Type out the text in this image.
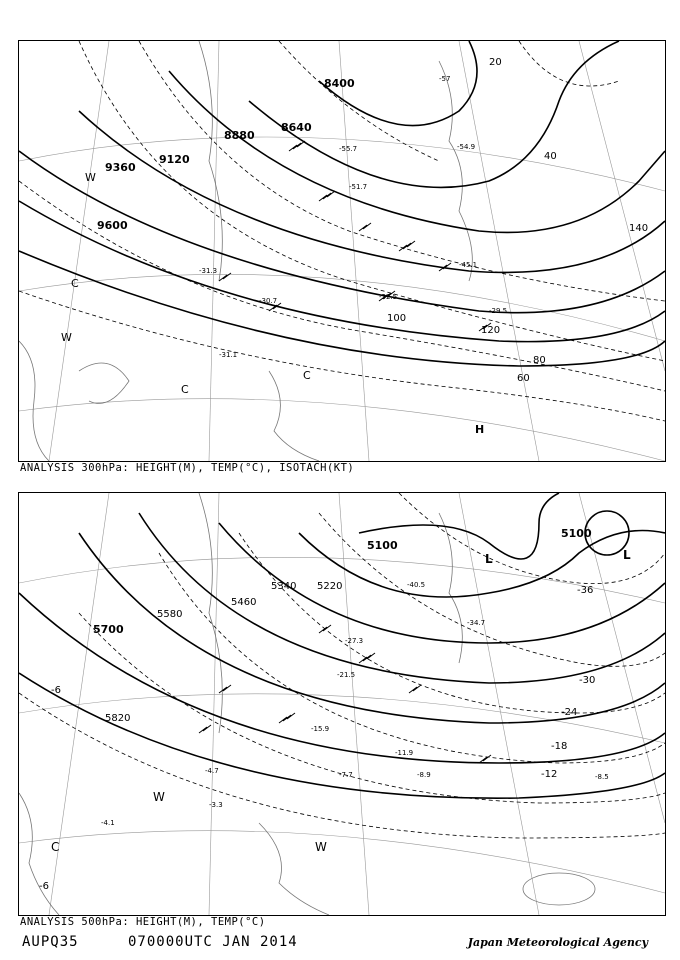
8400
8640
8880
9120
9360
9600
20
40
60
80
100
120
140
-57
-54.9
-55.7
-51.7
-45.1
-31.3
-30.7
-29.5
-32.5
-31.1
H
C
C
C
W
W
ANALYSIS 300hPa: HEIGHT(M), TEMP(°C), ISOTACH(KT)
5100
5100
5220
5340
5460
5580
5820
5700
-36
-30
-24
-18
-12
-6
-6
-40.5
-34.7
-27.3
-21.5
-15.9
-11.9
-8.9
-7.7	-8.5
-4.7
-3.3
-4.1
L	L
W
W
C
ANALYSIS 500hPa: HEIGHT(M), TEMP(°C)
AUPQ35	070000UTC JAN 2014	Japan Meteorological Agency
